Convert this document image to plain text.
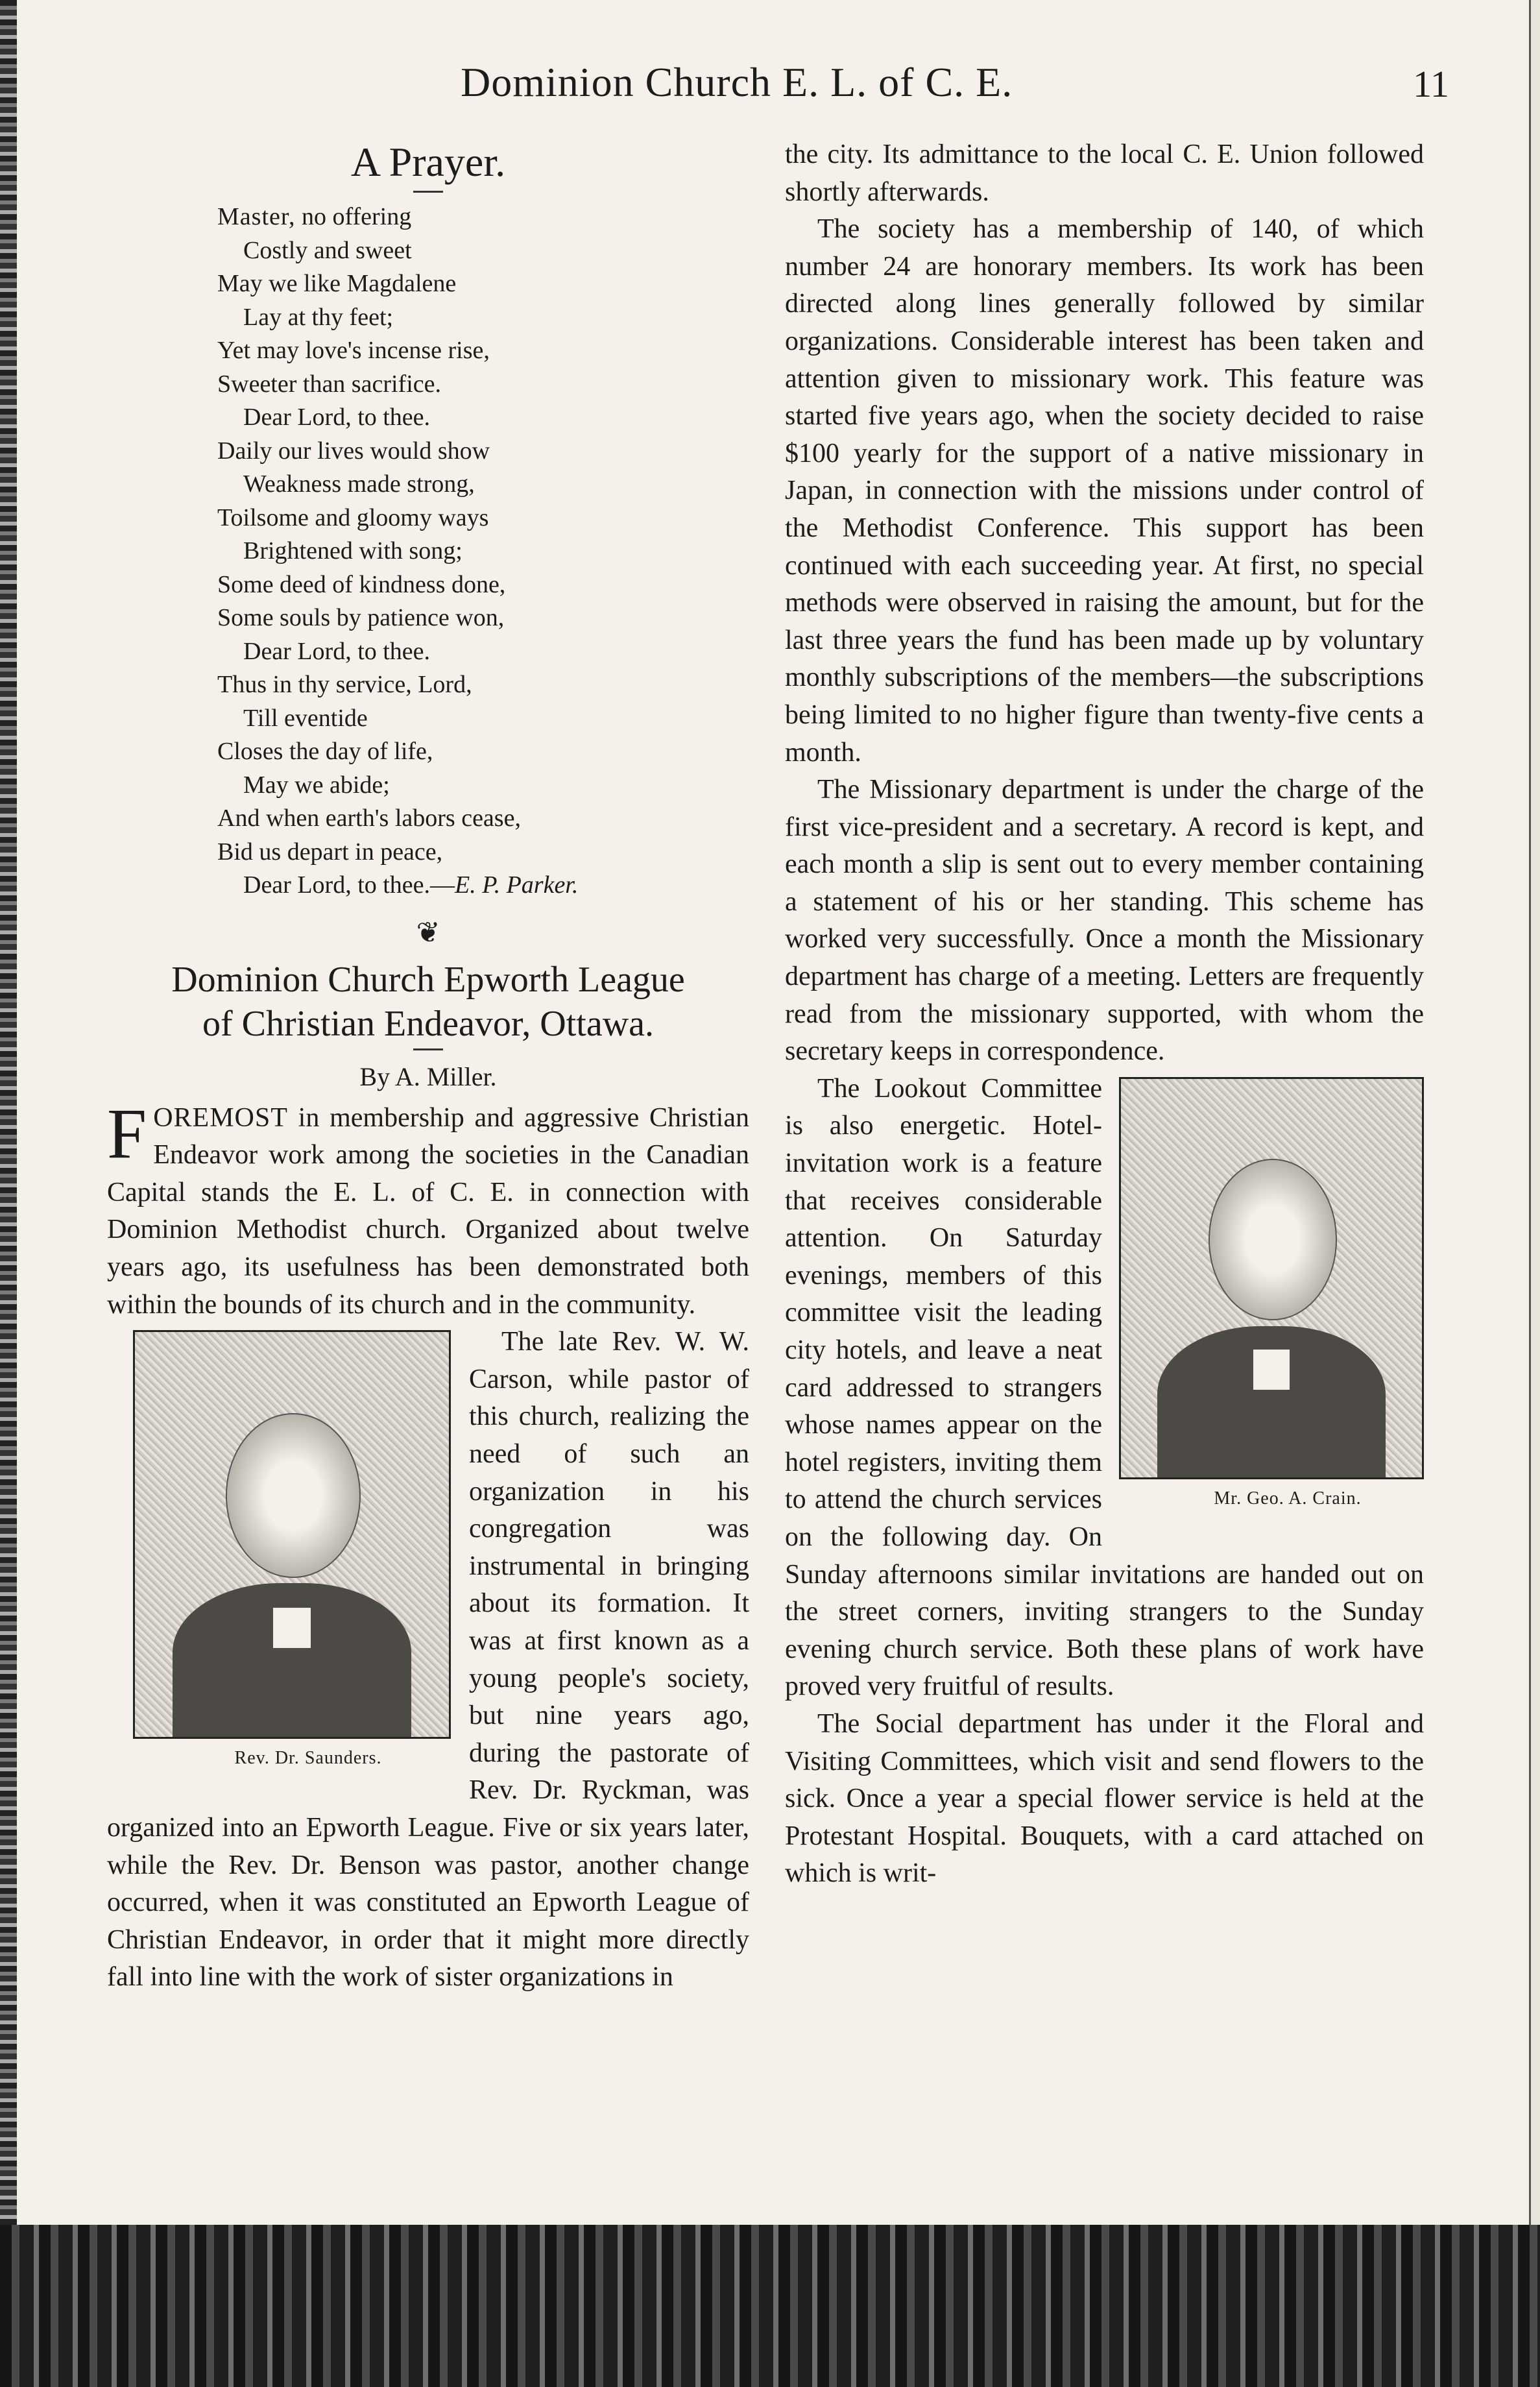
Dominion Church E. L. of C. E.	11
A Prayer.
Master, no offering
Costly and sweet
May we like Magdalene
Lay at thy feet;
Yet may love's incense rise,
Sweeter than sacrifice.
Dear Lord, to thee.
Daily our lives would show
Weakness made strong,
Toilsome and gloomy ways
Brightened with song;
Some deed of kindness done,
Some souls by patience won,
Dear Lord, to thee.
Thus in thy service, Lord,
Till eventide
Closes the day of life,
May we abide;
And when earth's labors cease,
Bid us depart in peace,
Dear Lord, to thee.—E. P. Parker.
❦
Dominion Church Epworth League
of Christian Endeavor, Ottawa.
By A. Miller.

FOREMOST in membership and aggressive Christian Endeavor work among the societies in the Canadian Capital stands the E. L. of C. E. in connection with Dominion Methodist church. Organized about twelve years ago, its usefulness has been demonstrated both within the bounds of its church and in the community.

Rev. Dr. Saunders.
The late Rev. W. W. Carson, while pastor of this church, realizing the need of such an organization in his congregation was instrumental in bringing about its formation. It was at first known as a young people's society, but nine years ago, during the pastorate of Rev. Dr. Ryckman, was organized into an Epworth League. Five or six years later, while the Rev. Dr. Benson was pastor, another change occurred, when it was constituted an Epworth League of Christian Endeavor, in order that it might more directly fall into line with the work of sister organizations in

the city. Its admittance to the local C. E. Union followed shortly afterwards.

The society has a membership of 140, of which number 24 are honorary members. Its work has been directed along lines generally followed by similar organizations. Considerable interest has been taken and attention given to missionary work. This feature was started five years ago, when the society decided to raise $100 yearly for the support of a native missionary in Japan, in connection with the missions under control of the Methodist Conference. This support has been continued with each succeeding year. At first, no special methods were observed in raising the amount, but for the last three years the fund has been made up by voluntary monthly subscriptions of the members—the subscriptions being limited to no higher figure than twenty-five cents a month.

The Missionary department is under the charge of the first vice-president and a secretary. A record is kept, and each month a slip is sent out to every member containing a statement of his or her standing. This scheme has worked very successfully. Once a month the Missionary department has charge of a meeting. Letters are frequently read from the missionary supported, with whom the secretary keeps in correspondence.

Mr. Geo. A. Crain.
The Lookout Committee is also energetic. Hotel-invitation work is a feature that receives considerable attention. On Saturday evenings, members of this committee visit the leading city hotels, and leave a neat card addressed to strangers whose names appear on the hotel registers, inviting them to attend the church services on the following day. On Sunday afternoons similar invitations are handed out on the street corners, inviting strangers to the Sunday evening church service. Both these plans of work have proved very fruitful of results.

The Social department has under it the Floral and Visiting Committees, which visit and send flowers to the sick. Once a year a special flower service is held at the Protestant Hospital. Bouquets, with a card attached on which is writ-
